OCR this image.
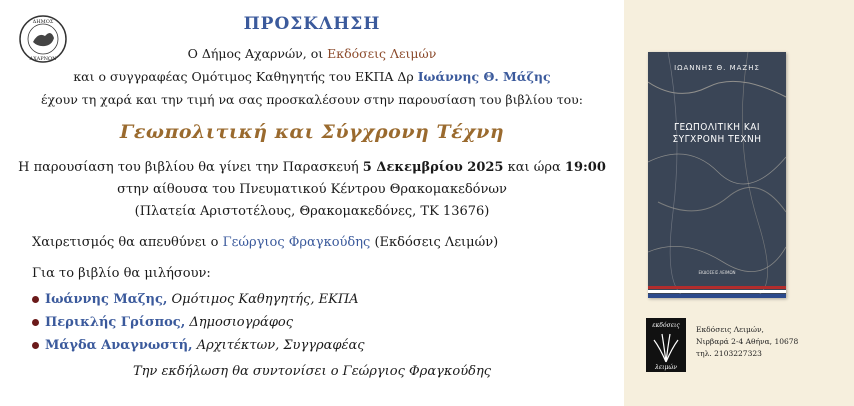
ΔΗΜΟΣ
ΑΧΑΡΝΩΝ
ΠΡΟΣΚΛΗΣΗ
Ο Δήμος Αχαρνών, οι Εκδόσεις Λειμών
και ο συγγραφέας Ομότιμος Καθηγητής του ΕΚΠΑ Δρ Ιωάννης Θ. Μάζης
έχουν τη χαρά και την τιμή να σας προσκαλέσουν στην παρουσίαση του βιβλίου του:
Γεωπολιτική και Σύγχρονη Τέχνη
Η παρουσίαση του βιβλίου θα γίνει την Παρασκευή 5 Δεκεμβρίου 2025 και ώρα 19:00
στην αίθουσα του Πνευματικού Κέντρου Θρακομακεδόνων
(Πλατεία Αριστοτέλους, Θρακομακεδόνες, ΤΚ 13676)
Χαιρετισμός θα απευθύνει ο Γεώργιος Φραγκούδης (Εκδόσεις Λειμών)
Για το βιβλίο θα μιλήσουν:
Ιωάννης Μαζης, Ομότιμος Καθηγητής, ΕΚΠΑ
Περικλής Γρίσπος, Δημοσιογράφος
Μάγδα Αναγνωστή, Αρχιτέκτων, Συγγραφέας
Την εκδήλωση θα συντονίσει ο Γεώργιος Φραγκούδης
ΙΩΑΝΝΗΣ Θ. ΜΑΖΗΣ
ΓΕΩΠΟΛΙΤΙΚΗ ΚΑΙ
ΣΥΓΧΡΟΝΗ ΤΕΧΝΗ
ΕΚΔΟΣΕΙΣ ΛΕΙΜΩΝ
εκδόσεις
λειμών
Εκδόσεις Λειμών,
Νιρβαρά 2-4 Αθήνα, 10678
τηλ. 2103227323
